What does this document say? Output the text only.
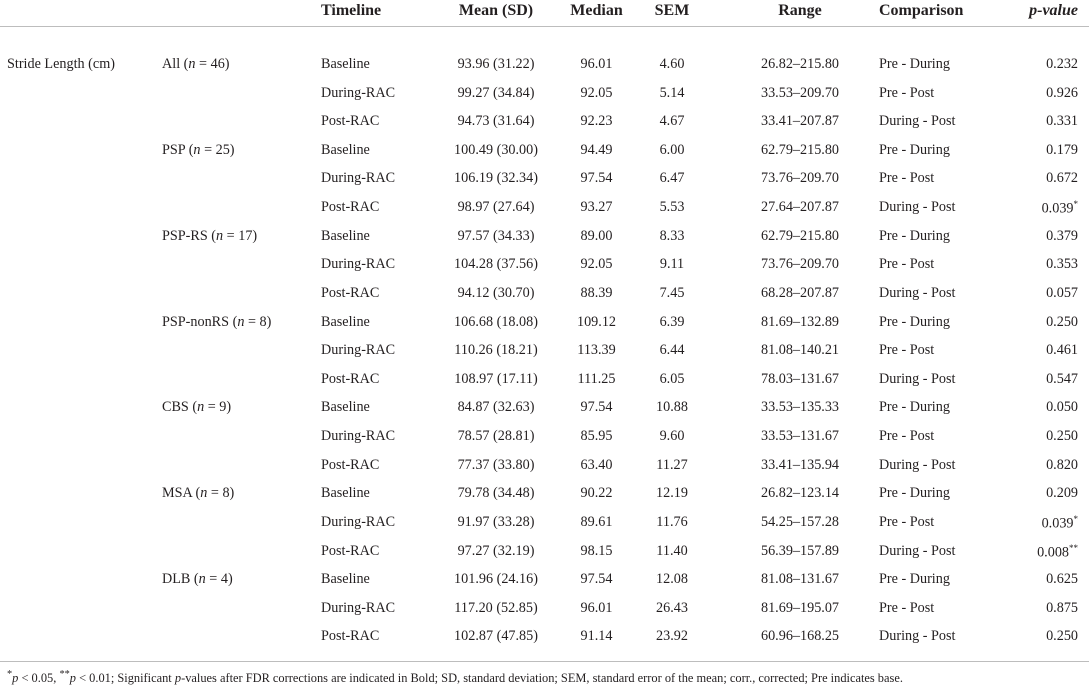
Timeline	Mean (SD)	Median	SEM	Range	Comparison	p-value
Stride Length (cm)	All (n = 46)	Baseline	93.96 (31.22)	96.01	4.60	26.82–215.80	Pre - During	0.232
During-RAC	99.27 (34.84)	92.05	5.14	33.53–209.70	Pre - Post	0.926
Post-RAC	94.73 (31.64)	92.23	4.67	33.41–207.87	During - Post	0.331
PSP (n = 25)	Baseline	100.49 (30.00)	94.49	6.00	62.79–215.80	Pre - During	0.179
During-RAC	106.19 (32.34)	97.54	6.47	73.76–209.70	Pre - Post	0.672
Post-RAC	98.97 (27.64)	93.27	5.53	27.64–207.87	During - Post	0.039*
PSP-RS (n = 17)	Baseline	97.57 (34.33)	89.00	8.33	62.79–215.80	Pre - During	0.379
During-RAC	104.28 (37.56)	92.05	9.11	73.76–209.70	Pre - Post	0.353
Post-RAC	94.12 (30.70)	88.39	7.45	68.28–207.87	During - Post	0.057
PSP-nonRS (n = 8)	Baseline	106.68 (18.08)	109.12	6.39	81.69–132.89	Pre - During	0.250
During-RAC	110.26 (18.21)	113.39	6.44	81.08–140.21	Pre - Post	0.461
Post-RAC	108.97 (17.11)	111.25	6.05	78.03–131.67	During - Post	0.547
CBS (n = 9)	Baseline	84.87 (32.63)	97.54	10.88	33.53–135.33	Pre - During	0.050
During-RAC	78.57 (28.81)	85.95	9.60	33.53–131.67	Pre - Post	0.250
Post-RAC	77.37 (33.80)	63.40	11.27	33.41–135.94	During - Post	0.820
MSA (n = 8)	Baseline	79.78 (34.48)	90.22	12.19	26.82–123.14	Pre - During	0.209
During-RAC	91.97 (33.28)	89.61	11.76	54.25–157.28	Pre - Post	0.039*
Post-RAC	97.27 (32.19)	98.15	11.40	56.39–157.89	During - Post	0.008**
DLB (n = 4)	Baseline	101.96 (24.16)	97.54	12.08	81.08–131.67	Pre - During	0.625
During-RAC	117.20 (52.85)	96.01	26.43	81.69–195.07	Pre - Post	0.875
Post-RAC	102.87 (47.85)	91.14	23.92	60.96–168.25	During - Post	0.250
*p < 0.05, **p < 0.01; Significant p-values after FDR corrections are indicated in Bold; SD, standard deviation; SEM, standard error of the mean; corr., corrected; Pre indicates base.
